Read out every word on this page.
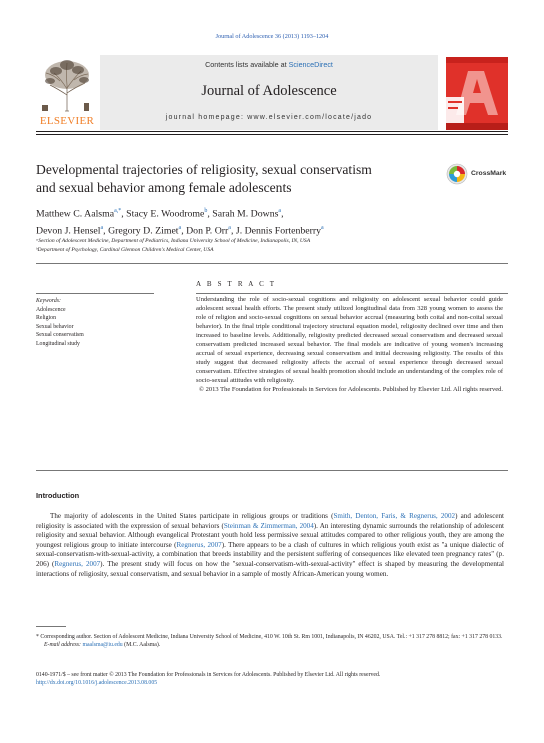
Journal of Adolescence 36 (2013) 1193–1204
ELSEVIER
Contents lists available at ScienceDirect
Journal of Adolescence
journal homepage: www.elsevier.com/locate/jado
Developmental trajectories of religiosity, sexual conservatism
and sexual behavior among female adolescents
CrossMark
Matthew C. Aalsma$^{a,*}$, Stacy E. Woodrome$^b$, Sarah M. Downs$^a$,
Devon J. Hensel$^a$, Gregory D. Zimet$^a$, Don P. Orr$^a$, J. Dennis Fortenberry$^a$
ᵃSection of Adolescent Medicine, Department of Pediatrics, Indiana University School of Medicine, Indianapolis, IN, USA
ᵇDepartment of Psychology, Cardinal Glennon Children's Medical Center, USA
A B S T R A C T
Keywords:
Adolescence
Religion
Sexual behavior
Sexual conservatism
Longitudinal study
Understanding the role of socio-sexual cognitions and religiosity on adolescent sexual behavior could guide adolescent sexual health efforts. The present study utilized longitudinal data from 328 young women to assess the role of religion and socio-sexual cognitions on sexual behavior accrual (measuring both coital and non-coital sexual behavior). In the final triple conditional trajectory structural equation model, religiosity declined over time and then increased to baseline levels. Additionally, religiosity predicted decreased sexual conservatism and decreased sexual conservatism predicted increased sexual behavior. The final models are indicative of young women's increasing accrual of sexual experience, decreasing sexual conservatism and initial decreasing religiosity. The results of this study suggest that decreased religiosity affects the accrual of sexual experience through decreased sexual conservatism. Effective strategies of sexual health promotion should include an understanding of the complex role of socio-sexual attitudes with religiosity.
© 2013 The Foundation for Professionals in Services for Adolescents. Published by Elsevier Ltd. All rights reserved.
Introduction
The majority of adolescents in the United States participate in religious groups or traditions (Smith, Denton, Faris, & Regnerus, 2002) and adolescent religiosity is associated with the expression of sexual behaviors (Steinman & Zimmerman, 2004). An interesting dynamic surrounds the relationship of adolescent religiosity and sexual behavior. Although evangelical Protestant youth hold less permissive sexual attitudes compared to other religious youth, they are among the youngest religious group to initiate intercourse (Regnerus, 2007). There appears to be a clash of cultures in which religious youth exist as "a unique dialectic of sexual-conservatism-with-sexual-activity, a combination that breeds instability and the persistent suffering of consequences like elevated teen pregnancy rates" (p. 206) (Regnerus, 2007). The present study will focus on how the "sexual-conservatism-with-sexual-activity" effect is shaped by measuring the developmental interactions of religiosity, sexual conservatism, and sexual behavior in a sample of mostly African-American young women.
* Corresponding author. Section of Adolescent Medicine, Indiana University School of Medicine, 410 W. 10th St. Rm 1001, Indianapolis, IN 46202, USA. Tel.: +1 317 278 8812; fax: +1 317 278 0133.
E-mail address: maalsma@iu.edu (M.C. Aalsma).
0140-1971/$ – see front matter © 2013 The Foundation for Professionals in Services for Adolescents. Published by Elsevier Ltd. All rights reserved.
http://dx.doi.org/10.1016/j.adolescence.2013.08.005
